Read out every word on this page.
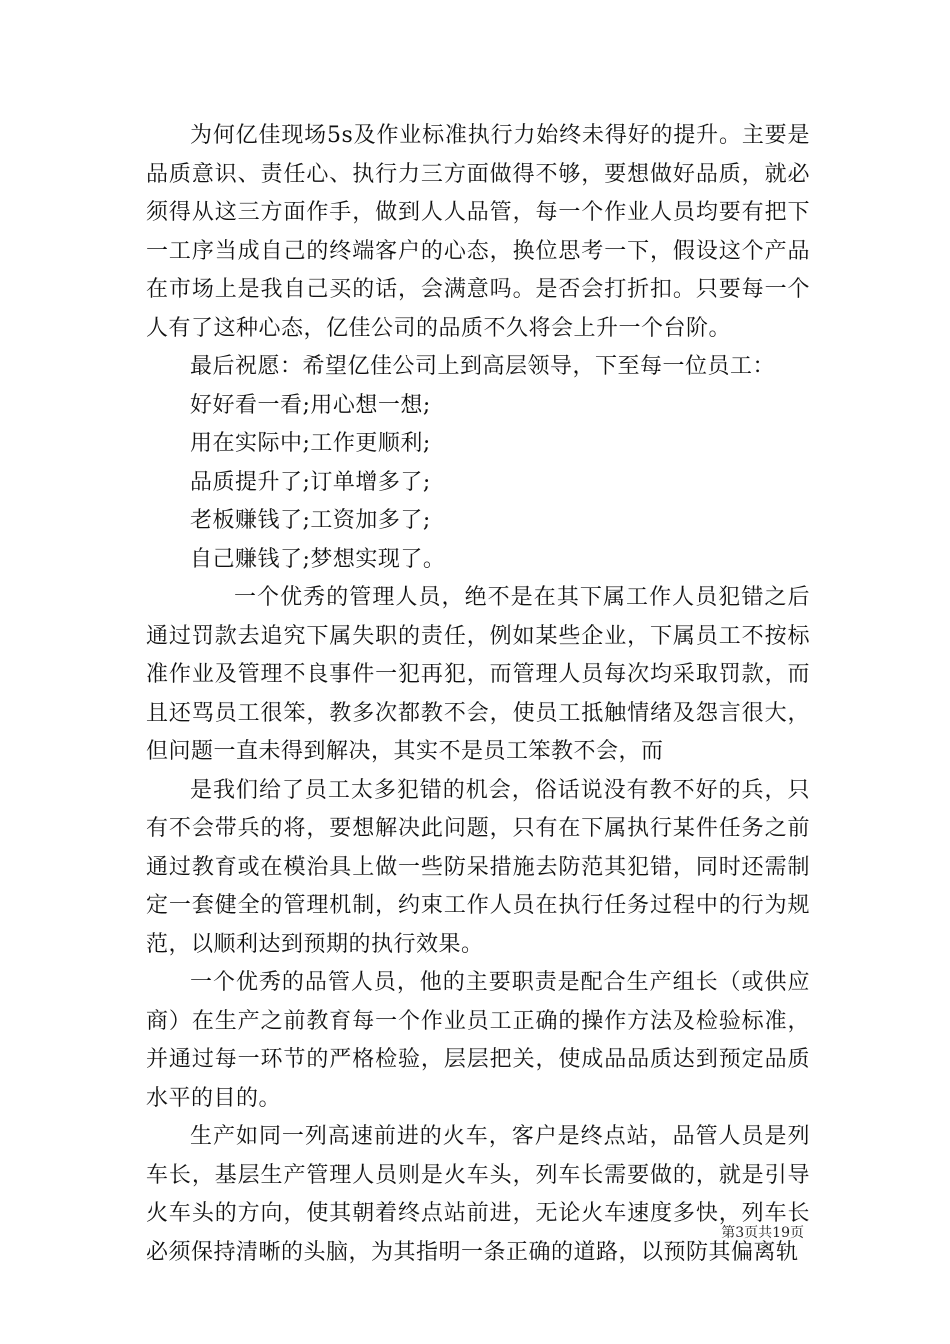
为何亿佳现场5s及作业标准执行力始终未得好的提升。主要是品质意识、责任心、执行力三方面做得不够，要想做好品质，就必须得从这三方面作手，做到人人品管，每一个作业人员均要有把下一工序当成自己的终端客户的心态，换位思考一下，假设这个产品在市场上是我自己买的话，会满意吗。是否会打折扣。只要每一个人有了这种心态，亿佳公司的品质不久将会上升一个台阶。

最后祝愿：希望亿佳公司上到高层领导，下至每一位员工：

好好看一看;用心想一想;

用在实际中;工作更顺利;

品质提升了;订单增多了;

老板赚钱了;工资加多了;

自己赚钱了;梦想实现了。

一个优秀的管理人员，绝不是在其下属工作人员犯错之后通过罚款去追究下属失职的责任，例如某些企业，下属员工不按标准作业及管理不良事件一犯再犯，而管理人员每次均采取罚款，而且还骂员工很笨，教多次都教不会，使员工抵触情绪及怨言很大，但问题一直未得到解决，其实不是员工笨教不会，而

是我们给了员工太多犯错的机会，俗话说没有教不好的兵，只有不会带兵的将，要想解决此问题，只有在下属执行某件任务之前通过教育或在模治具上做一些防呆措施去防范其犯错，同时还需制定一套健全的管理机制，约束工作人员在执行任务过程中的行为规范，以顺利达到预期的执行效果。

一个优秀的品管人员，他的主要职责是配合生产组长（或供应商）在生产之前教育每一个作业员工正确的操作方法及检验标准，并通过每一环节的严格检验，层层把关，使成品品质达到预定品质水平的目的。

生产如同一列高速前进的火车，客户是终点站，品管人员是列车长，基层生产管理人员则是火车头，列车长需要做的，就是引导火车头的方向，使其朝着终点站前进，无论火车速度多快，列车长必须保持清晰的头脑，为其指明一条正确的道路，以预防其偏离轨

第3页共19页
